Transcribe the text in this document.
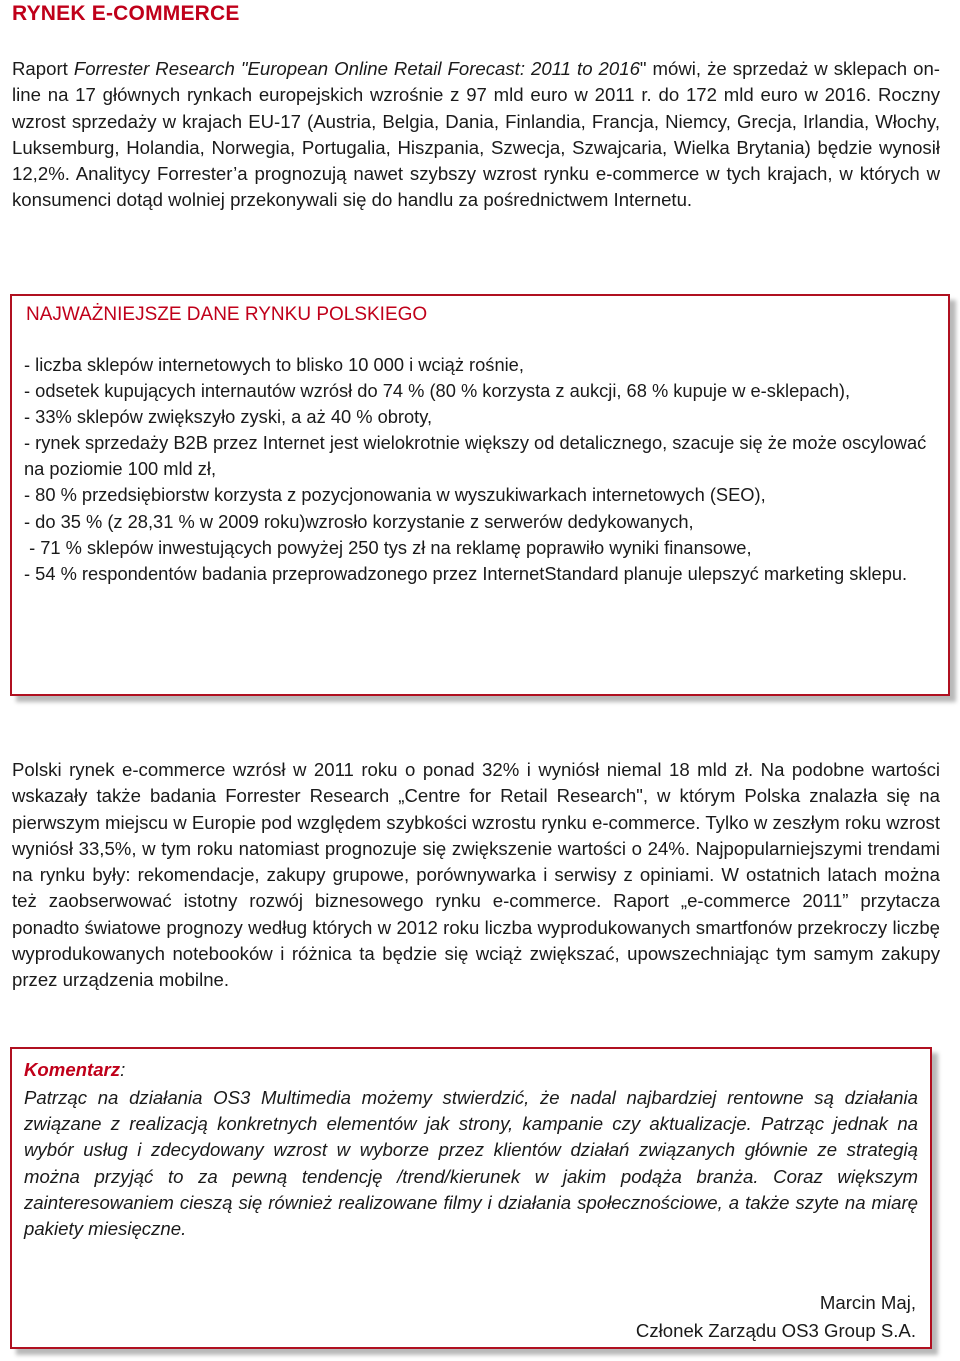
RYNEK E-COMMERCE

Raport Forrester Research "European Online Retail Forecast: 2011 to 2016" mówi, że sprzedaż w sklepach on-line na 17 głównych rynkach europejskich wzrośnie z 97 mld euro w 2011 r. do 172 mld euro w 2016. Roczny wzrost sprzedaży w krajach EU-17 (Austria, Belgia, Dania, Finlandia, Francja, Niemcy, Grecja, Irlandia, Włochy, Luksemburg, Holandia, Norwegia, Portugalia, Hiszpania, Szwecja, Szwajcaria, Wielka Brytania) będzie wynosił 12,2%. Analitycy Forrester’a prognozują nawet szybszy wzrost rynku e-commerce w tych krajach, w których w konsumenci dotąd wolniej przekonywali się do handlu za pośrednictwem Internetu.

NAJWAŻNIEJSZE DANE RYNKU POLSKIEGO
- liczba sklepów internetowych to blisko 10 000 i wciąż rośnie,
- odsetek kupujących internautów wzrósł do 74 % (80 % korzysta z aukcji, 68 % kupuje w e-sklepach),
- 33% sklepów zwiększyło zyski, a aż 40 % obroty,
- rynek sprzedaży B2B przez Internet jest wielokrotnie większy od detalicznego, szacuje się że może oscylować na poziomie 100 mld zł,
- 80 % przedsiębiorstw korzysta z pozycjonowania w wyszukiwarkach internetowych (SEO),
- do 35 % (z 28,31 % w 2009 roku)wzrosło korzystanie z serwerów dedykowanych,
- 71 % sklepów inwestujących powyżej 250 tys zł na reklamę poprawiło wyniki finansowe,
- 54 % respondentów badania przeprowadzonego przez InternetStandard planuje ulepszyć marketing sklepu.

Polski rynek e-commerce wzrósł w 2011 roku o ponad 32% i wyniósł niemal 18 mld zł. Na podobne wartości wskazały także badania Forrester Research „Centre for Retail Research", w którym Polska znalazła się na pierwszym miejscu w Europie pod względem szybkości wzrostu rynku e-commerce. Tylko w zeszłym roku wzrost wyniósł 33,5%, w tym roku natomiast prognozuje się zwiększenie wartości o 24%. Najpopularniejszymi trendami na rynku były: rekomendacje, zakupy grupowe, porównywarka i serwisy z opiniami. W ostatnich latach można też zaobserwować istotny rozwój biznesowego rynku e-commerce. Raport „e-commerce 2011” przytacza ponadto światowe prognozy według których w 2012 roku liczba wyprodukowanych smartfonów przekroczy liczbę wyprodukowanych notebooków i różnica ta będzie się wciąż zwiększać, upowszechniając tym samym zakupy przez urządzenia mobilne.

Komentarz:

Patrząc na działania OS3 Multimedia możemy stwierdzić, że nadal najbardziej rentowne są działania związane z realizacją konkretnych elementów jak strony, kampanie czy aktualizacje. Patrząc jednak na wybór usług i zdecydowany wzrost w wyborze przez klientów działań związanych głównie ze strategią można przyjąć to za pewną tendencję /trend/kierunek w jakim podąża branża. Coraz większym zainteresowaniem cieszą się również realizowane filmy i działania społecznościowe, a także szyte na miarę pakiety miesięczne.

Marcin Maj,
Członek Zarządu OS3 Group S.A.
